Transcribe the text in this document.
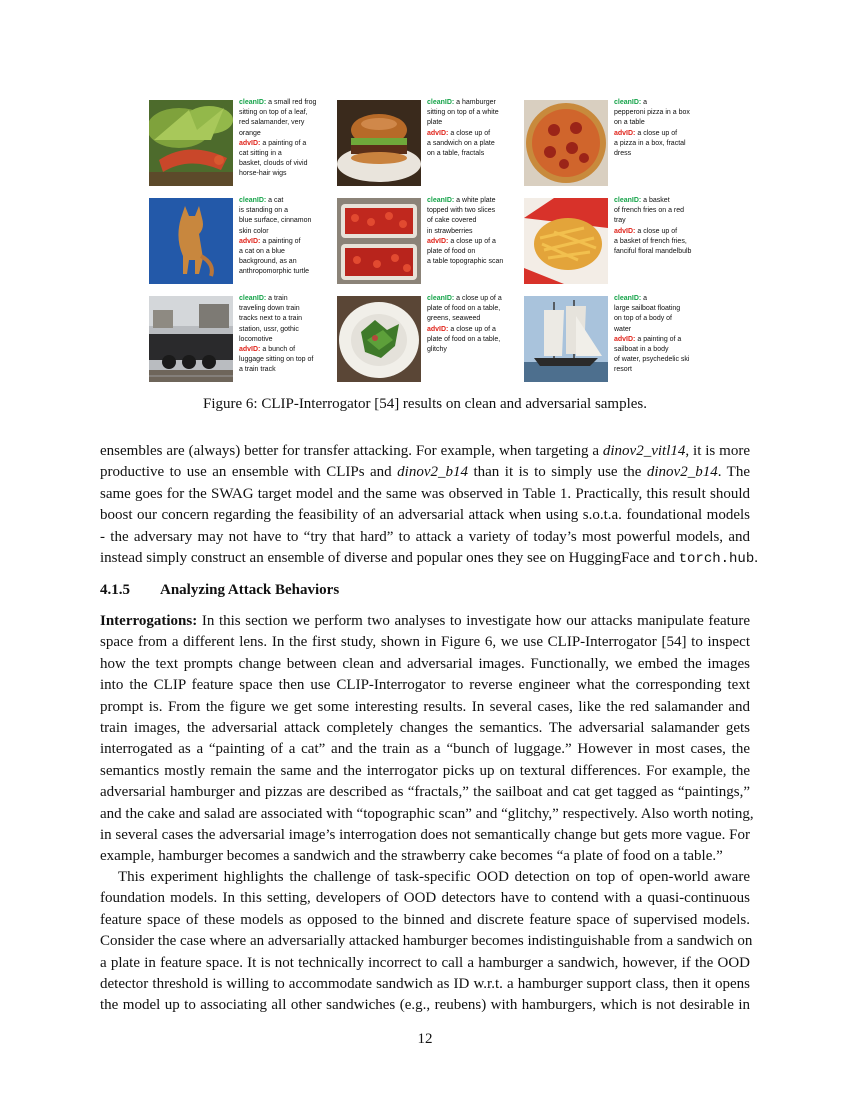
cleanID: a small red frog
sitting on top of a leaf,
red salamander, very
orange
advID: a painting of a
cat sitting in a
basket, clouds of vivid
horse-hair wigs
cleanID: a hamburger
sitting on top of a white
plate
advID: a close up of
a sandwich on a plate
on a table, fractals
cleanID: a
pepperoni pizza in a box
on a table
advID: a close up of
a pizza in a box, fractal
dress
cleanID: a cat
is standing on a
blue surface, cinnamon
skin color
advID: a painting of
a cat on a blue
background, as an
anthropomorphic turtle
cleanID: a white plate
topped with two slices
of cake covered
in strawberries
advID: a close up of a
plate of food on
a table topographic scan
cleanID: a basket
of french fries on a red
tray
advID: a close up of
a basket of french fries,
fanciful floral mandelbulb
cleanID: a train
traveling down train
tracks next to a train
station, ussr, gothic
locomotive
advID: a bunch of
luggage sitting on top of
a train track
cleanID: a close up of a
plate of food on a table,
greens, seaweed
advID: a close up of a
plate of food on a table,
glitchy
cleanID: a
large sailboat floating
on top of a body of
water
advID: a painting of a
sailboat in a body
of water, psychedelic ski
resort
Figure 6: CLIP-Interrogator [54] results on clean and adversarial samples.
ensembles are (always) better for transfer attacking. For example, when targeting a dinov2_vitl14, it is more
productive to use an ensemble with CLIPs and dinov2_b14 than it is to simply use the dinov2_b14. The
same goes for the SWAG target model and the same was observed in Table 1. Practically, this result should
boost our concern regarding the feasibility of an adversarial attack when using s.o.t.a. foundational models
- the adversary may not have to “try that hard” to attack a variety of today’s most powerful models, and
instead simply construct an ensemble of diverse and popular ones they see on HuggingFace and torch.hub.
4.1.5 Analyzing Attack Behaviors
Interrogations: In this section we perform two analyses to investigate how our attacks manipulate feature
space from a different lens. In the first study, shown in Figure 6, we use CLIP-Interrogator [54] to inspect
how the text prompts change between clean and adversarial images. Functionally, we embed the images
into the CLIP feature space then use CLIP-Interrogator to reverse engineer what the corresponding text
prompt is. From the figure we get some interesting results. In several cases, like the red salamander and
train images, the adversarial attack completely changes the semantics. The adversarial salamander gets
interrogated as a “painting of a cat” and the train as a “bunch of luggage.” However in most cases, the
semantics mostly remain the same and the interrogator picks up on textural differences. For example, the
adversarial hamburger and pizzas are described as “fractals,” the sailboat and cat get tagged as “paintings,”
and the cake and salad are associated with “topographic scan” and “glitchy,” respectively. Also worth noting,
in several cases the adversarial image’s interrogation does not semantically change but gets more vague. For
example, hamburger becomes a sandwich and the strawberry cake becomes “a plate of food on a table.”
This experiment highlights the challenge of task-specific OOD detection on top of open-world aware
foundation models. In this setting, developers of OOD detectors have to contend with a quasi-continuous
feature space of these models as opposed to the binned and discrete feature space of supervised models.
Consider the case where an adversarially attacked hamburger becomes indistinguishable from a sandwich on
a plate in feature space. It is not technically incorrect to call a hamburger a sandwich, however, if the OOD
detector threshold is willing to accommodate sandwich as ID w.r.t. a hamburger support class, then it opens
the model up to associating all other sandwiches (e.g., reubens) with hamburgers, which is not desirable in
12
